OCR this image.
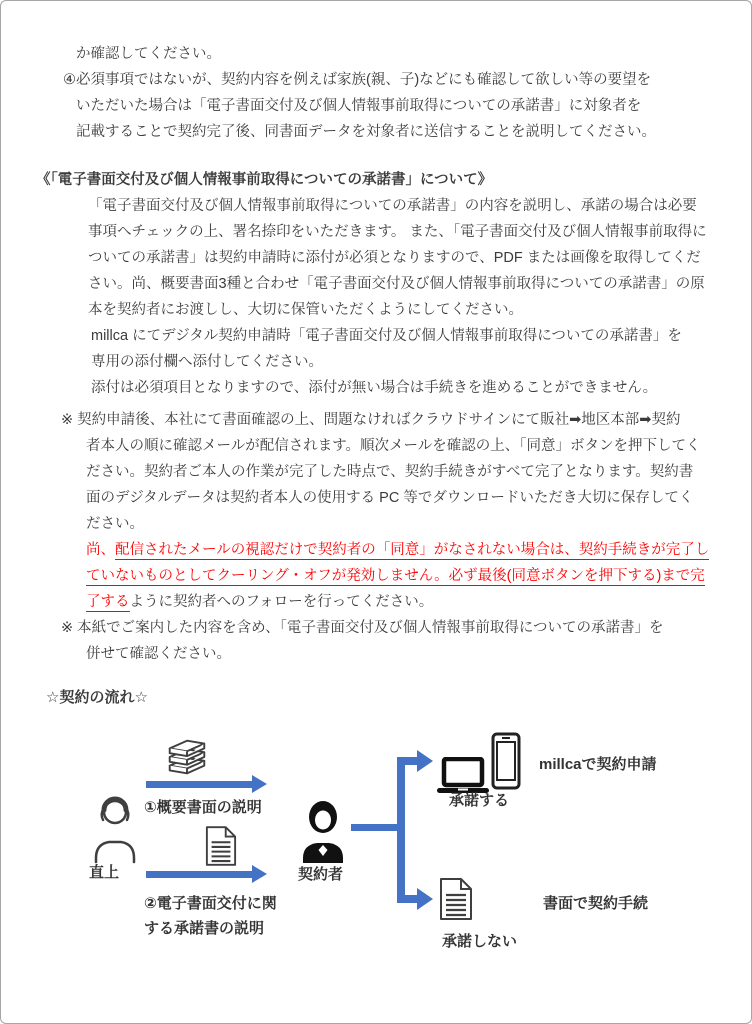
か確認してください。
④必須事項ではないが、契約内容を例えば家族(親、子)などにも確認して欲しい等の要望を
いただいた場合は「電子書面交付及び個人情報事前取得についての承諾書」に対象者を
記載することで契約完了後、同書面データを対象者に送信することを説明してください。
《「電子書面交付及び個人情報事前取得についての承諾書」について》
「電子書面交付及び個人情報事前取得についての承諾書」の内容を説明し、承諾の場合は必要
事項へチェックの上、署名捺印をいただきます。 また、「電子書面交付及び個人情報事前取得に
ついての承諾書」は契約申請時に添付が必須となりますので、PDF または画像を取得してくだ
さい。尚、概要書面3種と合わせ「電子書面交付及び個人情報事前取得についての承諾書」の原
本を契約者にお渡しし、大切に保管いただくようにしてください。
millca にてデジタル契約申請時「電子書面交付及び個人情報事前取得についての承諾書」を
専用の添付欄へ添付してください。
添付は必須項目となりますので、添付が無い場合は手続きを進めることができません。
※ 契約申請後、本社にて書面確認の上、問題なければクラウドサインにて販社➡地区本部➡契約
者本人の順に確認メールが配信されます。順次メールを確認の上、「同意」ボタンを押下してく
ださい。契約者ご本人の作業が完了した時点で、契約手続きがすべて完了となります。契約書
面のデジタルデータは契約者本人の使用する PC 等でダウンロードいただき大切に保存してく
ださい。
尚、配信されたメールの視認だけで契約者の「同意」がなされない場合は、契約手続きが完了し
ていないものとしてクーリング・オフが発効しません。必ず最後(同意ボタンを押下する)まで完
了するように契約者へのフォローを行ってください。
※ 本紙でご案内した内容を含め、「電子書面交付及び個人情報事前取得についての承諾書」を
併せて確認ください。
☆契約の流れ☆
直上
①概要書面の説明
②電子書面交付に関
する承諾書の説明
契約者
承諾する
millcaで契約申請
承諾しない
書面で契約手続
